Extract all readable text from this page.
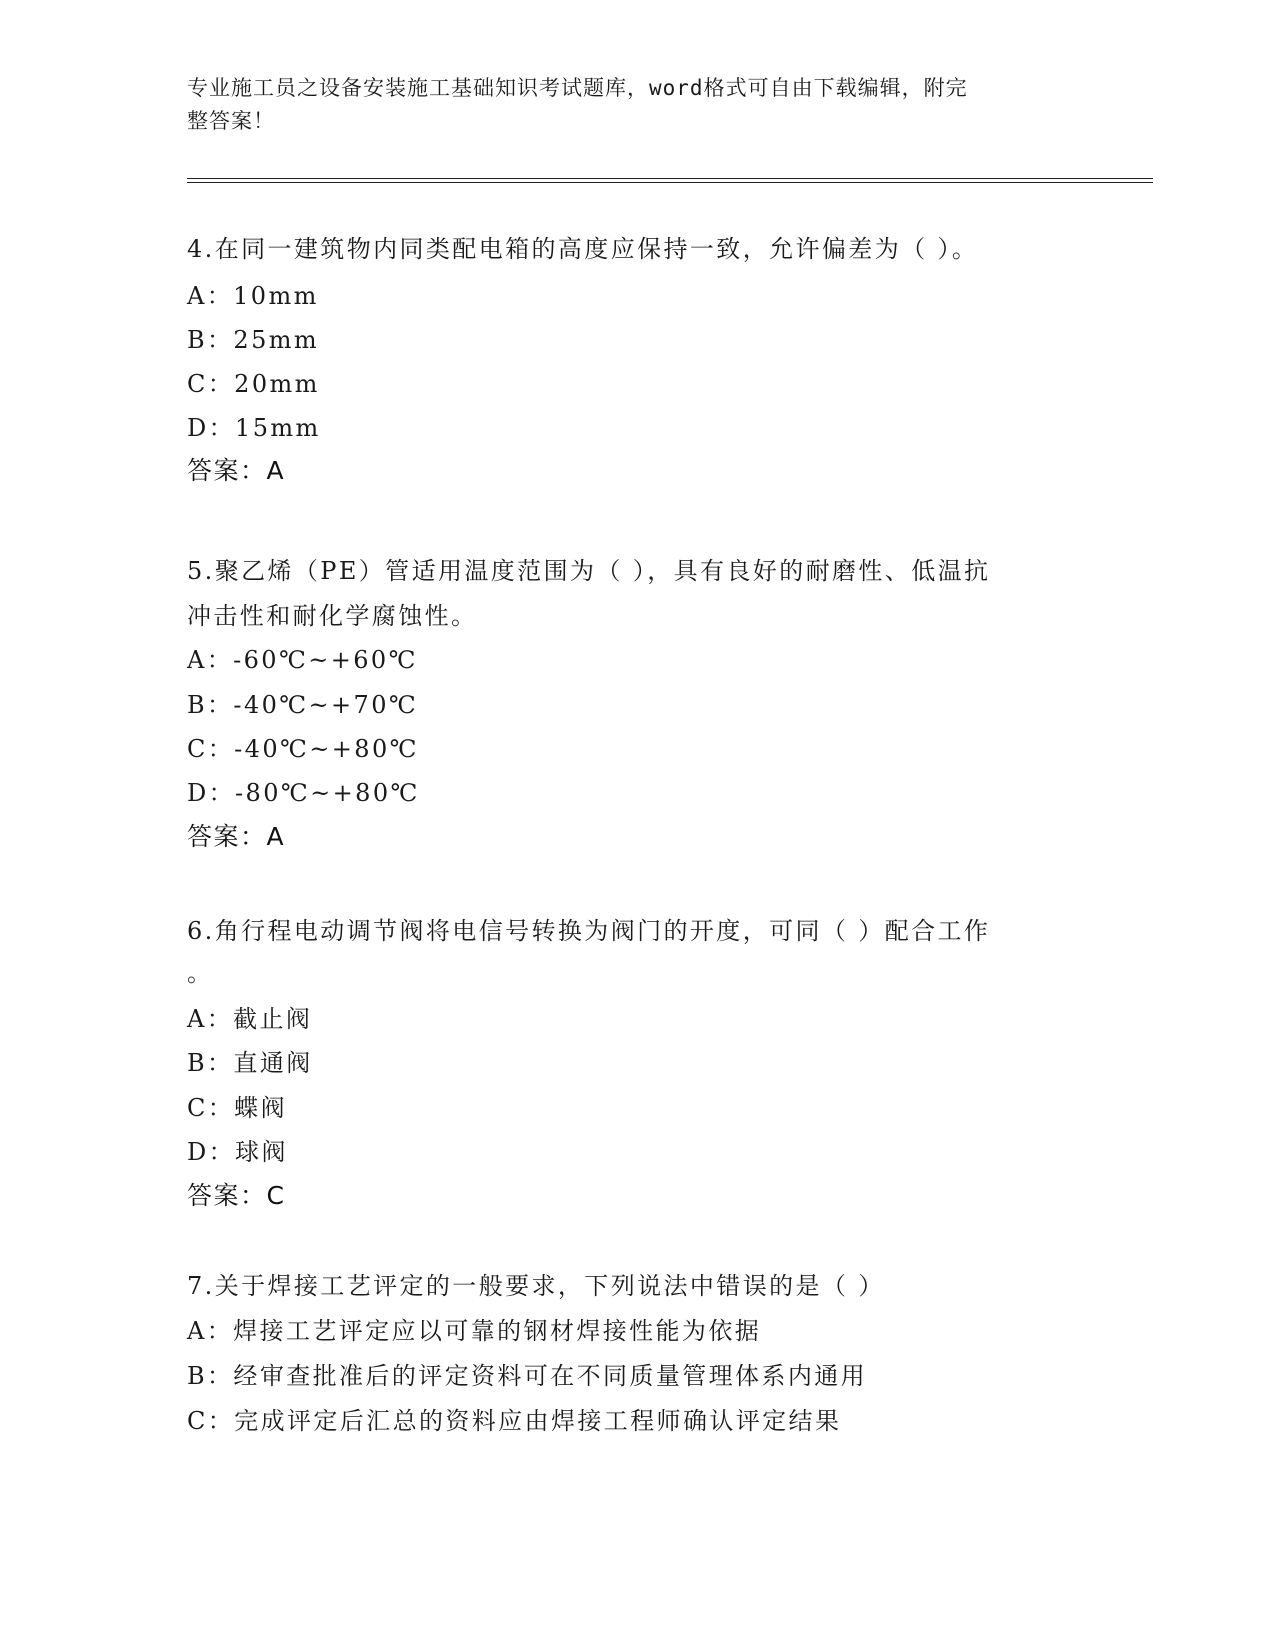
专业施工员之设备安装施工基础知识考试题库，word格式可自由下载编辑，附完
整答案！
4.在同一建筑物内同类配电箱的高度应保持一致，允许偏差为（ ）。
A：10mm
B：25mm
C：20mm
D：15mm
答案：A
5.聚乙烯（PE）管适用温度范围为（ ），具有良好的耐磨性、低温抗
冲击性和耐化学腐蚀性。
A：-60℃~+60℃
B：-40℃~+70℃
C：-40℃~+80℃
D：-80℃~+80℃
答案：A
6.角行程电动调节阀将电信号转换为阀门的开度，可同（ ）配合工作
。
A：截止阀
B：直通阀
C：蝶阀
D：球阀
答案：C
7.关于焊接工艺评定的一般要求，下列说法中错误的是（ ）
A：焊接工艺评定应以可靠的钢材焊接性能为依据
B：经审查批准后的评定资料可在不同质量管理体系内通用
C：完成评定后汇总的资料应由焊接工程师确认评定结果
